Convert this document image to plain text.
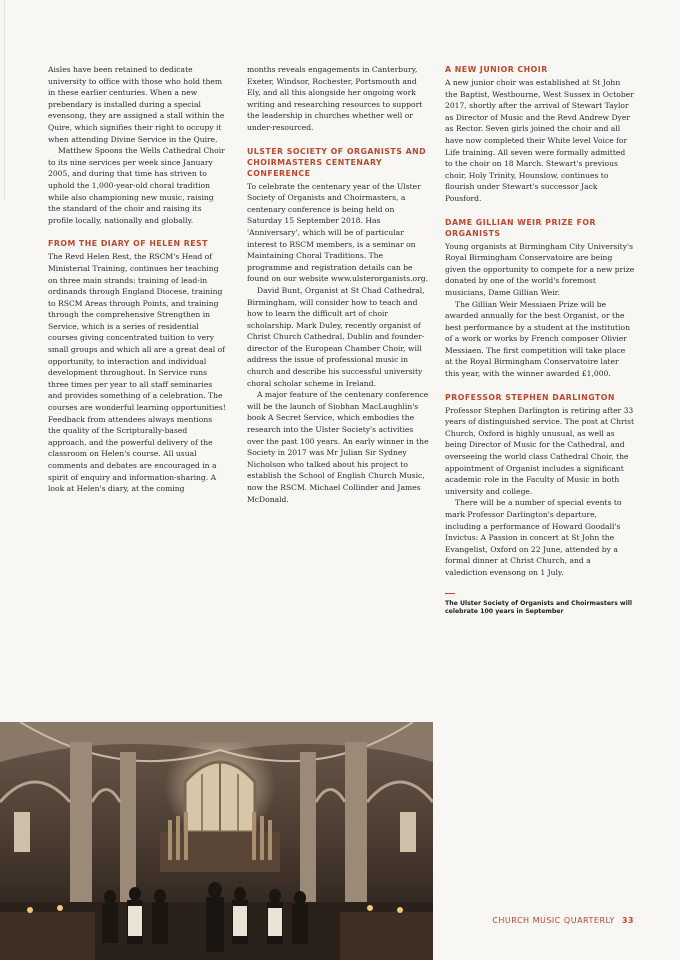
Aisles have been retained to dedicate university to office with those who hold them in these earlier centuries. When a new prebendary is installed during a special evensong, they are assigned a stall within the Quire, which signifies their right to occupy it when attending Divine Service in the Quire.

Matthew Spoons the Wells Cathedral Choir to its nine services per week since January 2005, and during that time has striven to uphold the 1,000-year-old choral tradition while also championing new music, raising the standard of the choir and raising its profile locally, nationally and globally.

FROM THE DIARY OF HELEN REST

The Revd Helen Rest, the RSCM's Head of Ministerial Training, continues her teaching on three main strands: training of lead-in ordinands through England Diocese, training to RSCM Areas through Points, and training through the comprehensive Strengthen in Service, which is a series of residential courses giving concentrated tuition to very small groups and which all are a great deal of opportunity, to interaction and individual development throughout. In Service runs three times per year to all staff seminaries and provides something of a celebration. The courses are wonderful learning opportunities! Feedback from attendees always mentions the quality of the Scripturally-based approach, and the powerful delivery of the classroom on Helen's course. All usual comments and debates are encouraged in a spirit of enquiry and information-sharing. A look at Helen's diary, at the coming

months reveals engagements in Canterbury, Exeter, Windsor, Rochester, Portsmouth and Ely, and all this alongside her ongoing work writing and researching resources to support the leadership in churches whether well or under-resourced.

ULSTER SOCIETY OF ORGANISTS AND CHOIRMASTERS CENTENARY CONFERENCE

To celebrate the centenary year of the Ulster Society of Organists and Choirmasters, a centenary conference is being held on Saturday 15 September 2018. Has 'Anniversary', which will be of particular interest to RSCM members, is a seminar on Maintaining Choral Traditions. The programme and registration details can be found on our website www.ulsterorganists.org.

David Bunt, Organist at St Chad Cathedral, Birmingham, will consider how to teach and how to learn the difficult art of choir scholarship. Mark Duley, recently organist of Christ Church Cathedral, Dublin and founder-director of the European Chamber Choir, will address the issue of professional music in church and describe his successful university choral scholar scheme in Ireland.

A major feature of the centenary conference will be the launch of Siobhan MacLaughlin's book A Secret Service, which embodies the research into the Ulster Society's activities over the past 100 years. An early winner in the Society in 2017 was Mr Julian Sir Sydney Nicholson who talked about his project to establish the School of English Church Music, now the RSCM. Michael Collinder and James McDonald.

A NEW JUNIOR CHOIR

A new junior choir was established at St John the Baptist, Westbourne, West Sussex in October 2017, shortly after the arrival of Stewart Taylor as Director of Music and the Revd Andrew Dyer as Rector. Seven girls joined the choir and all have now completed their White level Voice for Life training. All seven were formally admitted to the choir on 18 March. Stewart's previous choir, Holy Trinity, Hounslow, continues to flourish under Stewart's successor Jack Pousford.

DAME GILLIAN WEIR PRIZE FOR ORGANISTS

Young organists at Birmingham City University's Royal Birmingham Conservatoire are being given the opportunity to compete for a new prize donated by one of the world's foremost musicians, Dame Gillian Weir.

The Gillian Weir Messiaen Prize will be awarded annually for the best Organist, or the best performance by a student at the institution of a work or works by French composer Olivier Messiaen. The first competition will take place at the Royal Birmingham Conservatoire later this year, with the winner awarded £1,000.

PROFESSOR STEPHEN DARLINGTON

Professor Stephen Darlington is retiring after 33 years of distinguished service. The post at Christ Church, Oxford is highly unusual, as well as being Director of Music for the Cathedral, and overseeing the world class Cathedral Choir, the appointment of Organist includes a significant academic role in the Faculty of Music in both university and college.

There will be a number of special events to mark Professor Darlington's departure, including a performance of Howard Goodall's Invictus: A Passion in concert at St John the Evangelist, Oxford on 22 June, attended by a formal dinner at Christ Church, and a valediction evensong on 1 July.

The Ulster Society of Organists and Choirmasters will celebrate 100 years in September
CHURCH MUSIC QUARTERLY 33
